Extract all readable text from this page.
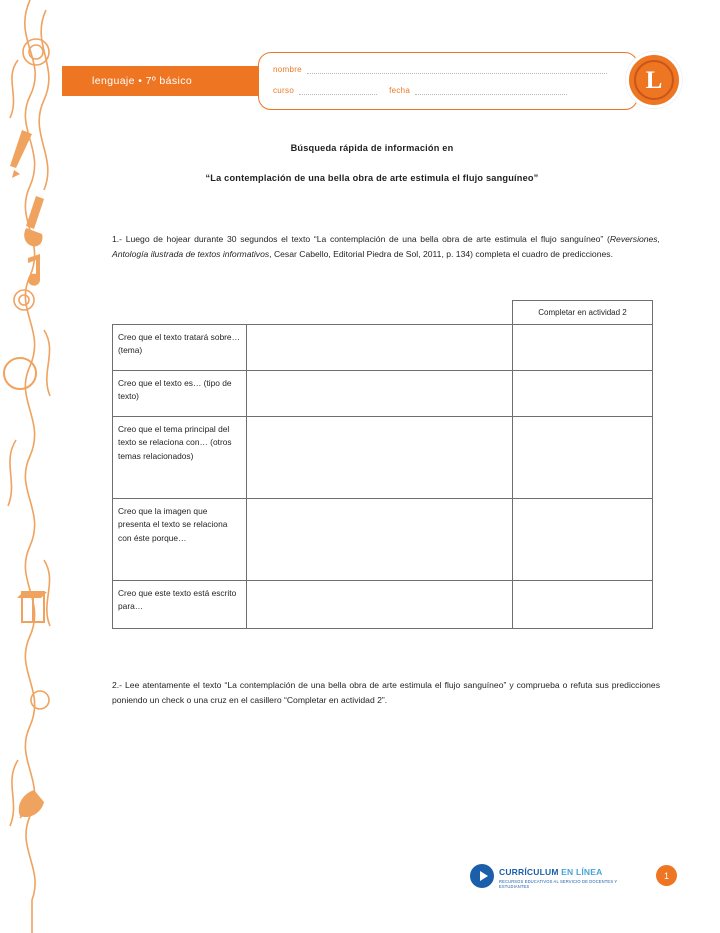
lenguaje • 7º básico
nombre
curso	fecha	L
Búsqueda rápida de información en
“La contemplación de una bella obra de arte estimula el flujo sanguíneo”
1.- Luego de hojear durante 30 segundos el texto “La contemplación de una bella obra de arte estimula el flujo sanguíneo” (Reversiones, Antología ilustrada de textos informativos, Cesar Cabello, Editorial Piedra de Sol, 2011, p. 134) completa el cuadro de predicciones.
		Completar en actividad 2
Creo que el texto tratará sobre… (tema)		
Creo que el texto es… (tipo de texto)		
Creo que el tema principal del texto se relaciona con… (otros temas relacionados)		
Creo que la imagen que presenta el texto se relaciona con éste porque…		
Creo que este texto está escrito para…		
2.- Lee atentamente el texto “La contemplación de una bella obra de arte estimula el flujo sanguíneo” y comprueba o refuta sus predicciones poniendo un check o una cruz en el casillero “Completar en actividad 2”.
CURRÍCULUM EN LÍNEA
RECURSOS EDUCATIVOS AL SERVICIO DE DOCENTES Y ESTUDIANTES
1
